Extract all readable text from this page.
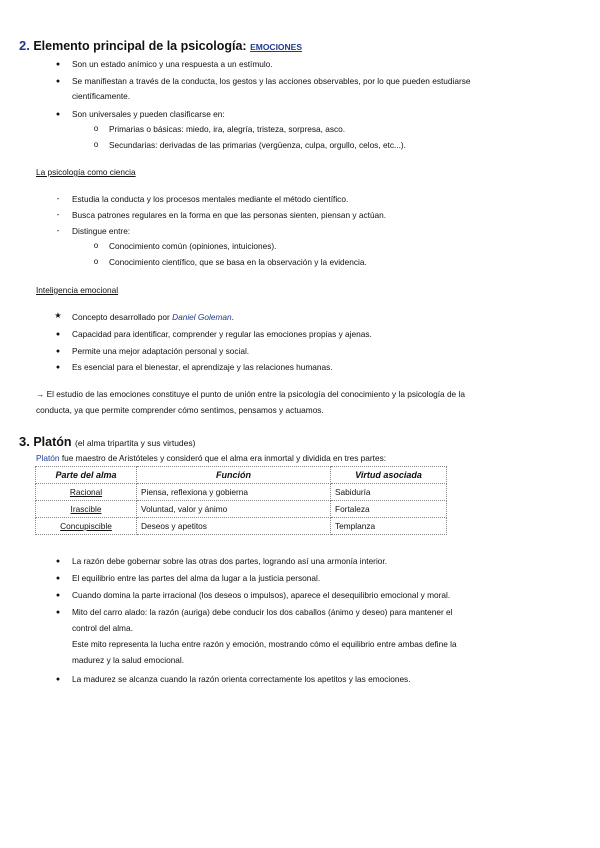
2. Elemento principal de la psicología: EMOCIONES
●
Son un estado anímico y una respuesta a un estímulo.
●
Se manifiestan a través de la conducta, los gestos y las acciones observables, por lo que pueden estudiarse
científicamente.
●
Son universales y pueden clasificarse en:
o
Primarias o básicas: miedo, ira, alegría, tristeza, sorpresa, asco.
o
Secundarias: derivadas de las primarias (vergüenza, culpa, orgullo, celos, etc...).
La psicología como ciencia
-
Estudia la conducta y los procesos mentales mediante el método científico.
-
Busca patrones regulares en la forma en que las personas sienten, piensan y actúan.
-
Distingue entre:
o
Conocimiento común (opiniones, intuiciones).
o
Conocimiento científico, que se basa en la observación y la evidencia.
Inteligencia emocional
★
Concepto desarrollado por Daniel Goleman.
●
Capacidad para identificar, comprender y regular las emociones propias y ajenas.
●
Permite una mejor adaptación personal y social.
●
Es esencial para el bienestar, el aprendizaje y las relaciones humanas.
→ El estudio de las emociones constituye el punto de unión entre la psicología del conocimiento y la psicología de la
conducta, ya que permite comprender cómo sentimos, pensamos y actuamos.
3. Platón (el alma tripartita y sus virtudes)
Platón fue maestro de Aristóteles y consideró que el alma era inmortal y dividida en tres partes:
Parte del alma	Función	Virtud asociada
Racional	Piensa, reflexiona y gobierna	Sabiduría
Irascible	Voluntad, valor y ánimo	Fortaleza
Concupiscible	Deseos y apetitos	Templanza
●
La razón debe gobernar sobre las otras dos partes, logrando así una armonía interior.
●
El equilibrio entre las partes del alma da lugar a la justicia personal.
●
Cuando domina la parte irracional (los deseos o impulsos), aparece el desequilibrio emocional y moral.
●
Mito del carro alado: la razón (auriga) debe conducir los dos caballos (ánimo y deseo) para mantener el
control del alma.
Este mito representa la lucha entre razón y emoción, mostrando cómo el equilibrio entre ambas define la
madurez y la salud emocional.
●
La madurez se alcanza cuando la razón orienta correctamente los apetitos y las emociones.
